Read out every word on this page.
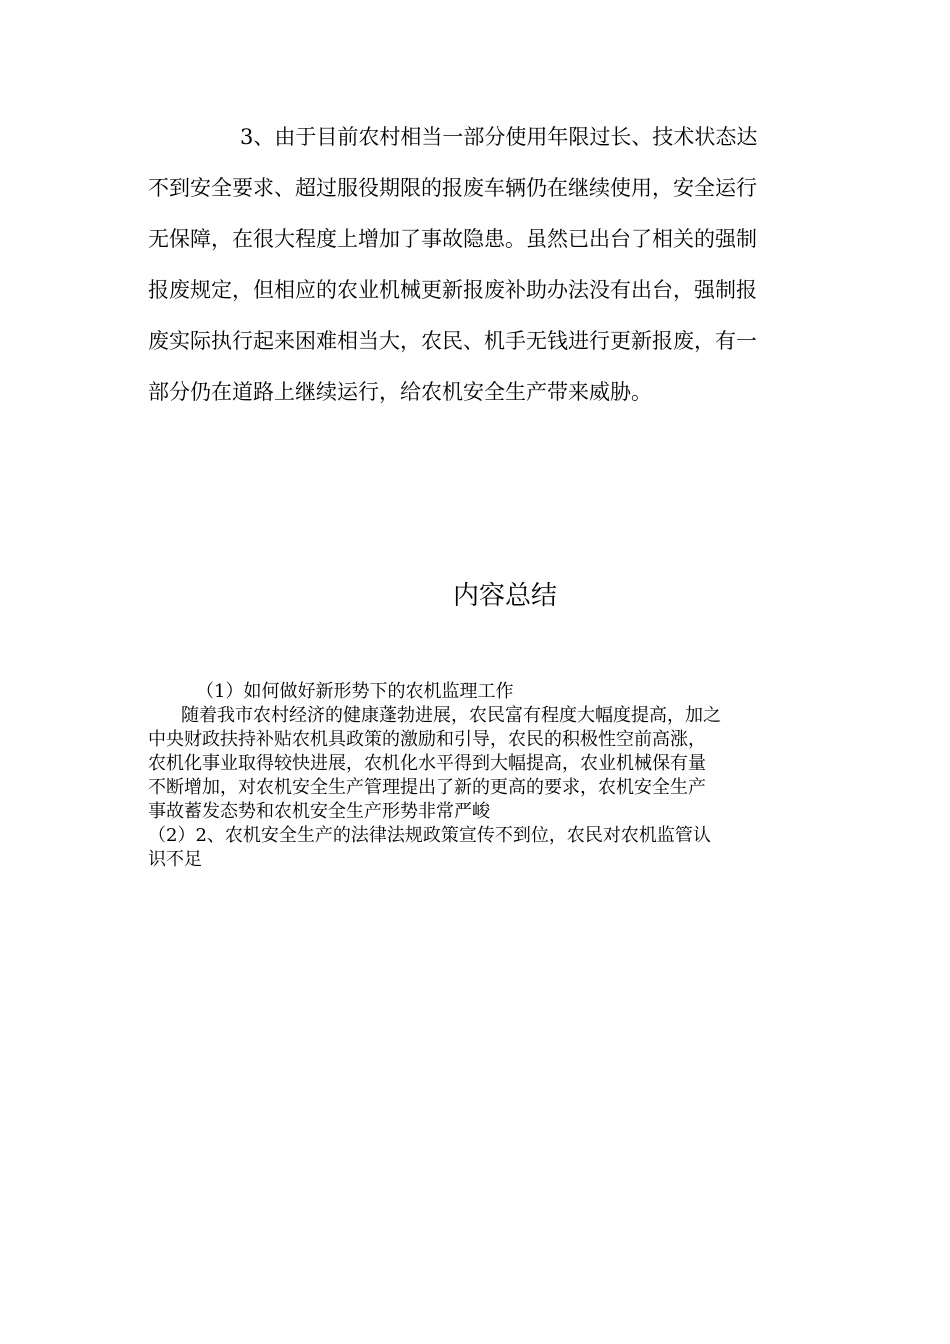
3、由于目前农村相当一部分使用年限过长、技术状态达
不到安全要求、超过服役期限的报废车辆仍在继续使用，安全运行
无保障，在很大程度上增加了事故隐患。虽然已出台了相关的强制
报废规定，但相应的农业机械更新报废补助办法没有出台，强制报
废实际执行起来困难相当大，农民、机手无钱进行更新报废，有一
部分仍在道路上继续运行，给农机安全生产带来威胁。
内容总结
（1）如何做好新形势下的农机监理工作
随着我市农村经济的健康蓬勃进展，农民富有程度大幅度提高，加之
中央财政扶持补贴农机具政策的激励和引导，农民的积极性空前高涨，
农机化事业取得较快进展，农机化水平得到大幅提高，农业机械保有量
不断增加，对农机安全生产管理提出了新的更高的要求，农机安全生产
事故蓄发态势和农机安全生产形势非常严峻
（2）2、农机安全生产的法律法规政策宣传不到位，农民对农机监管认
识不足
